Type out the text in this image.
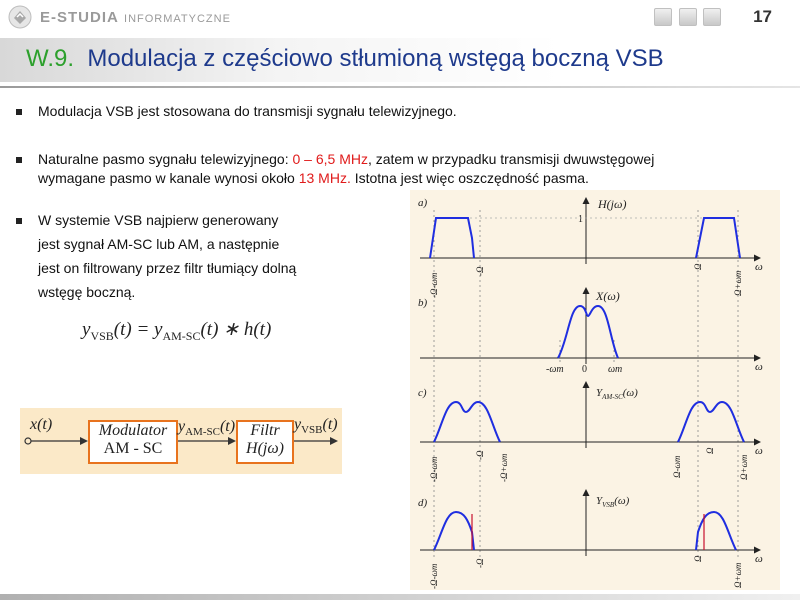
E-STUDIA INFORMATYCZNE	17
W.9. Modulacja z częściowo stłumioną wstęgą boczną VSB
Modulacja VSB jest stosowana do transmisji sygnału telewizyjnego.
Naturalne pasmo sygnału telewizyjnego: 0 – 6,5 MHz, zatem w przypadku transmisji dwuwstęgowej
wymagane pasmo w kanale wynosi około 13 MHz. Istotna jest więc oszczędność pasma.
W systemie VSB najpierw generowany
jest sygnał AM-SC lub AM, a następnie
jest on filtrowany przez filtr tłumiący dolną
wstęgę boczną.
$y_{VSB}(t) = y_{AM-SC}(t)$ ∗ h(t)
x(t)	Modulator
AM - SC
$y_{AM-SC}(t)$ Filtr
H(jω)
$y_{VSB}(t)$
a)	H(jω)
1
ω
-Ω-ωm
-Ω	Ω
Ω+ωm
b)	X(ω)
-ωm 0 ωm	ω
c)	$Y_{AM-SC}(\omega)$
ω
-Ω-ωm
-Ω -Ω+ωm	Ω-ωm
Ω
Ω+ωm
d)	$Y_{VSB}(\omega)$
ω
-Ω-ωm
-Ω	Ω
Ω+ωm
